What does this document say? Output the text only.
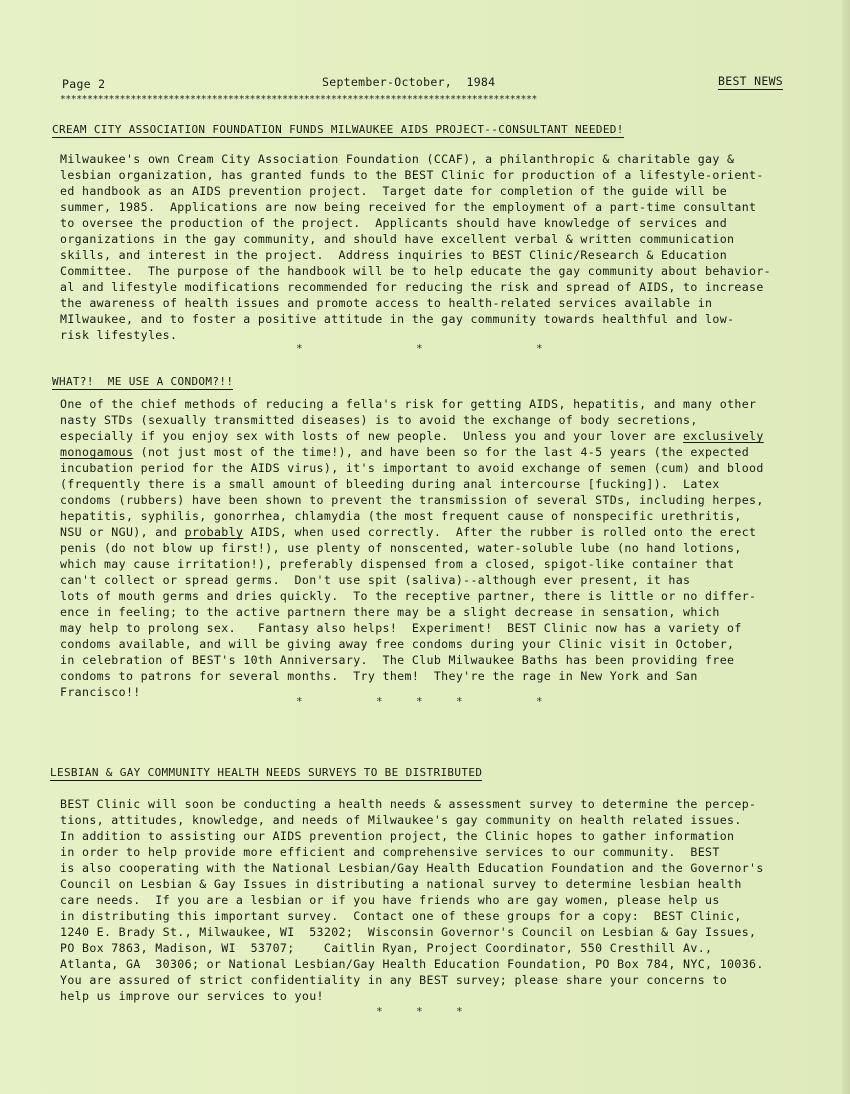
Page 2	September-October,  1984	BEST NEWS
****************************************************************************************
CREAM CITY ASSOCIATION FOUNDATION FUNDS MILWAUKEE AIDS PROJECT--CONSULTANT NEEDED!
Milwaukee's own Cream City Association Foundation (CCAF), a philanthropic & charitable gay &
lesbian organization, has granted funds to the BEST Clinic for production of a lifestyle-orient-
ed handbook as an AIDS prevention project.  Target date for completion of the guide will be
summer, 1985.  Applications are now being received for the employment of a part-time consultant
to oversee the production of the project.  Applicants should have knowledge of services and
organizations in the gay community, and should have excellent verbal & written communication
skills, and interest in the project.  Address inquiries to BEST Clinic/Research & Education
Committee.  The purpose of the handbook will be to help educate the gay community about behavior-
al and lifestyle modifications recommended for reducing the risk and spread of AIDS, to increase
the awareness of health issues and promote access to health-related services available in
MIlwaukee, and to foster a positive attitude in the gay community towards healthful and low-
risk lifestyles.
*	*	*
WHAT?!  ME USE A CONDOM?!!
One of the chief methods of reducing a fella's risk for getting AIDS, hepatitis, and many other
nasty STDs (sexually transmitted diseases) is to avoid the exchange of body secretions,
especially if you enjoy sex with losts of new people.  Unless you and your lover are exclusively
monogamous (not just most of the time!), and have been so for the last 4-5 years (the expected
incubation period for the AIDS virus), it's important to avoid exchange of semen (cum) and blood
(frequently there is a small amount of bleeding during anal intercourse [fucking]).  Latex
condoms (rubbers) have been shown to prevent the transmission of several STDs, including herpes,
hepatitis, syphilis, gonorrhea, chlamydia (the most frequent cause of nonspecific urethritis,
NSU or NGU), and probably AIDS, when used correctly.  After the rubber is rolled onto the erect
penis (do not blow up first!), use plenty of nonscented, water-soluble lube (no hand lotions,
which may cause irritation!), preferably dispensed from a closed, spigot-like container that
can't collect or spread germs.  Don't use spit (saliva)--although ever present, it has
lots of mouth germs and dries quickly.  To the receptive partner, there is little or no differ-
ence in feeling; to the active partnern there may be a slight decrease in sensation, which
may help to prolong sex.   Fantasy also helps!  Experiment!  BEST Clinic now has a variety of
condoms available, and will be giving away free condoms during your Clinic visit in October,
in celebration of BEST's 10th Anniversary.  The Club Milwaukee Baths has been providing free
condoms to patrons for several months.  Try them!  They're the rage in New York and San
Francisco!!
*	*	*	*	*
LESBIAN & GAY COMMUNITY HEALTH NEEDS SURVEYS TO BE DISTRIBUTED
BEST Clinic will soon be conducting a health needs & assessment survey to determine the percep-
tions, attitudes, knowledge, and needs of Milwaukee's gay community on health related issues.
In addition to assisting our AIDS prevention project, the Clinic hopes to gather information
in order to help provide more efficient and comprehensive services to our community.  BEST
is also cooperating with the National Lesbian/Gay Health Education Foundation and the Governor's
Council on Lesbian & Gay Issues in distributing a national survey to determine lesbian health
care needs.  If you are a lesbian or if you have friends who are gay women, please help us
in distributing this important survey.  Contact one of these groups for a copy:  BEST Clinic,
1240 E. Brady St., Milwaukee, WI  53202;  Wisconsin Governor's Council on Lesbian & Gay Issues,
PO Box 7863, Madison, WI  53707;    Caitlin Ryan, Project Coordinator, 550 Cresthill Av.,
Atlanta, GA  30306; or National Lesbian/Gay Health Education Foundation, PO Box 784, NYC, 10036.
You are assured of strict confidentiality in any BEST survey; please share your concerns to
help us improve our services to you!
*	*	*
